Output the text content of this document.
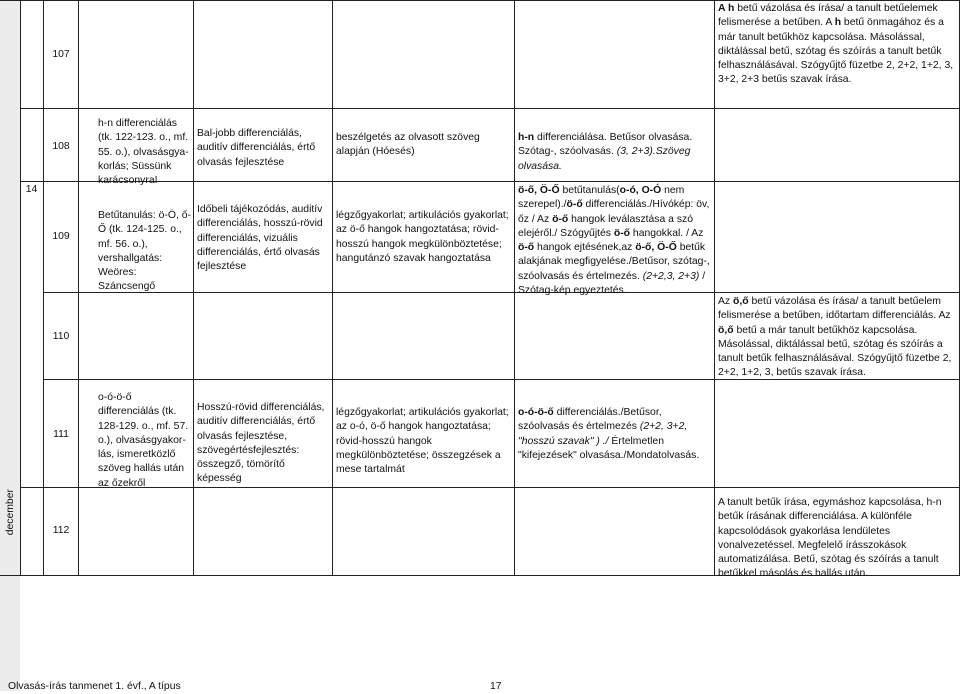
14
december
107
A h betű vázolása és írása/ a tanult betűelemek felismerése a betűben. A h betű önmagához és a már tanult betűkhöz kapcsolása. Másolással, diktálással betű, szótag és szóírás a tanult betűk felhasználásával. Szógyűjtő füzetbe 2, 2+2, 1+2, 3, 3+2, 2+3 betűs szavak írása.
108
h-n differenciálás (tk. 122-123. o., mf. 55. o.), olvasásgya-korlás; Süssünk karácsonyra!
Bal-jobb differenciálás, auditív differenciálás, értő olvasás fejlesztése
beszélgetés az olvasott szöveg alapján (Hóesés)
h-n differenciálása. Betűsor olvasása. Szótag-, szóolvasás. (3, 2+3).Szöveg olvasása.
109
Betűtanulás: ö-Ö, ő-Ő (tk. 124-125. o., mf. 56. o.), vershallgatás: Weöres: Száncsengő
Időbeli tájékozódás, auditív differenciálás, hosszú-rövid differenciálás, vizuális differenciálás, értő olvasás fejlesztése
légzőgyakorlat; artikulációs gyakorlat; az ö-ő hangok hangoztatása; rövid-hosszú hangok megkülönböztetése; hangutánzó szavak hangoztatása
ö-ő, Ö-Ő betűtanulás(o-ó, O-Ó nem szerepel)./ö-ő differenciálás./Hívókép: öv, őz / Az ö-ő hangok leválasztása a szó elejéről./ Szógyűjtés ö-ő hangokkal. / Az ö-ő hangok ejtésének,az ö-ő, Ö-Ő betűk alakjának megfigyelése./Betűsor, szótag-, szóolvasás és értelmezés. (2+2,3, 2+3) / Szótag-kép egyeztetés.
110
Az ö,ő betű vázolása és írása/ a tanult betűelem felismerése a betűben, időtartam differenciálás. Az ö,ő betű a már tanult betűkhöz kapcsolása. Másolással, diktálással betű, szótag és szóírás a tanult betűk felhasználásával. Szógyűjtő füzetbe 2, 2+2, 1+2, 3, betűs szavak írása.
111
o-ó-ö-ő differenciálás (tk. 128-129. o., mf. 57. o.), olvasásgyakor-lás, ismeretközlő szöveg hallás után az őzekről
Hosszú-rövid differenciálás, auditív differenciálás, értő olvasás fejlesztése, szövegértésfejlesztés: összegző, tömörítő képesség
légzőgyakorlat; artikulációs gyakorlat; az o-ó, ö-ő hangok hangoztatása; rövid-hosszú hangok megkülönböztetése; összegzések a mese tartalmát
o-ó-ö-ő differenciálás./Betűsor, szóolvasás és értelmezés (2+2, 3+2, "hosszú szavak" ) ./ Értelmetlen "kifejezések" olvasása./Mondatolvasás.
112
A tanult betűk írása, egymáshoz kapcsolása, h-n betűk írásának differenciálása. A különféle kapcsolódások gyakorlása lendületes vonalvezetéssel. Megfelelő írásszokások automatizálása. Betű, szótag és szóírás a tanult betűkkel másolás és hallás után.
Olvasás-írás tanmenet 1. évf., A típus	17
